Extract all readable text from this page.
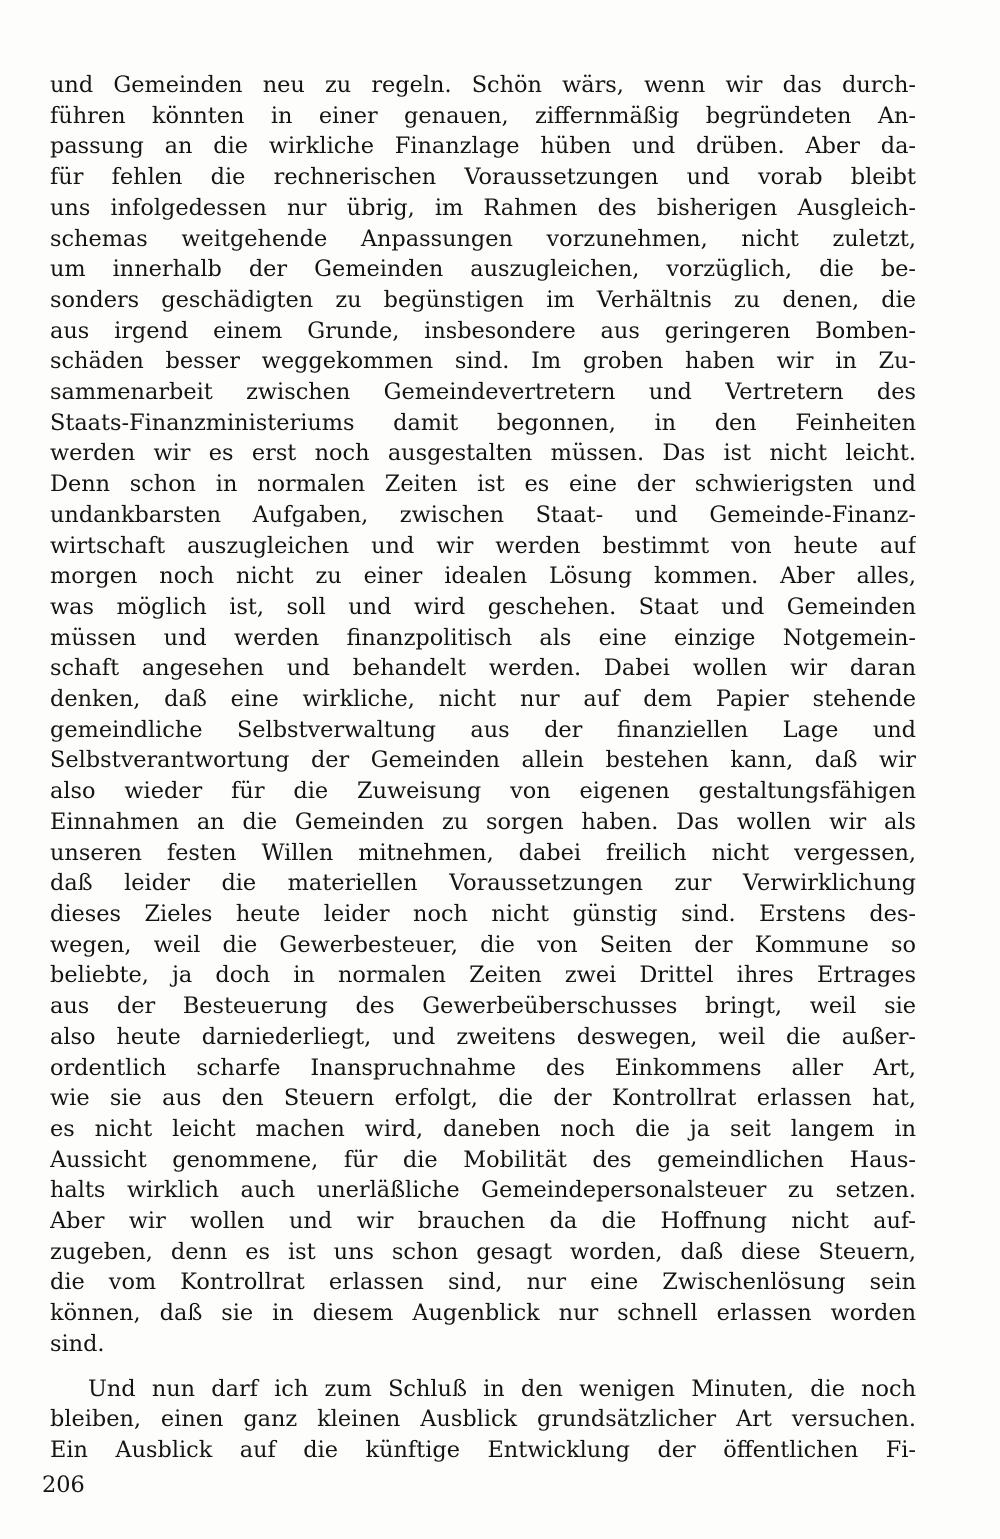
und Gemeinden neu zu regeln. Schön wärs, wenn wir das durch-
führen könnten in einer genauen, ziffernmäßig begründeten An-
passung an die wirkliche Finanzlage hüben und drüben. Aber da-
für fehlen die rechnerischen Voraussetzungen und vorab bleibt
uns infolgedessen nur übrig, im Rahmen des bisherigen Ausgleich-
schemas weitgehende Anpassungen vorzunehmen, nicht zuletzt,
um innerhalb der Gemeinden auszugleichen, vorzüglich, die be-
sonders geschädigten zu begünstigen im Verhältnis zu denen, die
aus irgend einem Grunde, insbesondere aus geringeren Bomben-
schäden besser weggekommen sind. Im groben haben wir in Zu-
sammenarbeit zwischen Gemeindevertretern und Vertretern des
Staats-Finanzministeriums damit begonnen, in den Feinheiten
werden wir es erst noch ausgestalten müssen. Das ist nicht leicht.
Denn schon in normalen Zeiten ist es eine der schwierigsten und
undankbarsten Aufgaben, zwischen Staat- und Gemeinde-Finanz-
wirtschaft auszugleichen und wir werden bestimmt von heute auf
morgen noch nicht zu einer idealen Lösung kommen. Aber alles,
was möglich ist, soll und wird geschehen. Staat und Gemeinden
müssen und werden finanzpolitisch als eine einzige Notgemein-
schaft angesehen und behandelt werden. Dabei wollen wir daran
denken, daß eine wirkliche, nicht nur auf dem Papier stehende
gemeindliche Selbstverwaltung aus der finanziellen Lage und
Selbstverantwortung der Gemeinden allein bestehen kann, daß wir
also wieder für die Zuweisung von eigenen gestaltungsfähigen
Einnahmen an die Gemeinden zu sorgen haben. Das wollen wir als
unseren festen Willen mitnehmen, dabei freilich nicht vergessen,
daß leider die materiellen Voraussetzungen zur Verwirklichung
dieses Zieles heute leider noch nicht günstig sind. Erstens des-
wegen, weil die Gewerbesteuer, die von Seiten der Kommune so
beliebte, ja doch in normalen Zeiten zwei Drittel ihres Ertrages
aus der Besteuerung des Gewerbeüberschusses bringt, weil sie
also heute darniederliegt, und zweitens deswegen, weil die außer-
ordentlich scharfe Inanspruchnahme des Einkommens aller Art,
wie sie aus den Steuern erfolgt, die der Kontrollrat erlassen hat,
es nicht leicht machen wird, daneben noch die ja seit langem in
Aussicht genommene, für die Mobilität des gemeindlichen Haus-
halts wirklich auch unerläßliche Gemeindepersonalsteuer zu setzen.
Aber wir wollen und wir brauchen da die Hoffnung nicht auf-
zugeben, denn es ist uns schon gesagt worden, daß diese Steuern,
die vom Kontrollrat erlassen sind, nur eine Zwischenlösung sein
können, daß sie in diesem Augenblick nur schnell erlassen worden
sind.

Und nun darf ich zum Schluß in den wenigen Minuten, die noch
bleiben, einen ganz kleinen Ausblick grundsätzlicher Art versuchen.
Ein Ausblick auf die künftige Entwicklung der öffentlichen Fi-

206
